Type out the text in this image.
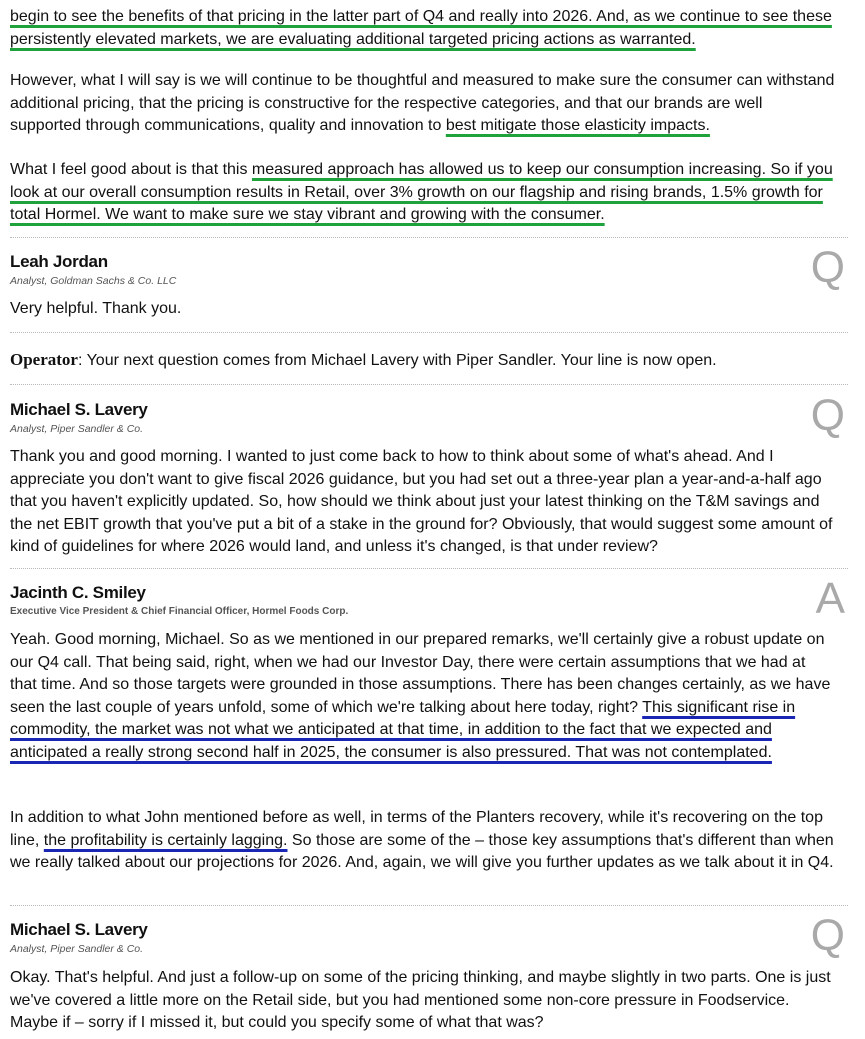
begin to see the benefits of that pricing in the latter part of Q4 and really into 2026. And, as we continue to see these persistently elevated markets, we are evaluating additional targeted pricing actions as warranted.

However, what I will say is we will continue to be thoughtful and measured to make sure the consumer can withstand additional pricing, that the pricing is constructive for the respective categories, and that our brands are well supported through communications, quality and innovation to best mitigate those elasticity impacts.

What I feel good about is that this measured approach has allowed us to keep our consumption increasing. So if you look at our overall consumption results in Retail, over 3% growth on our flagship and rising brands, 1.5% growth for total Hormel. We want to make sure we stay vibrant and growing with the consumer.

Leah Jordan
Analyst, Goldman Sachs & Co. LLC	Q

Very helpful. Thank you.

Operator: Your next question comes from Michael Lavery with Piper Sandler. Your line is now open.

Michael S. Lavery
Analyst, Piper Sandler & Co.	Q

Thank you and good morning. I wanted to just come back to how to think about some of what's ahead. And I appreciate you don't want to give fiscal 2026 guidance, but you had set out a three-year plan a year-and-a-half ago that you haven't explicitly updated. So, how should we think about just your latest thinking on the T&M savings and the net EBIT growth that you've put a bit of a stake in the ground for? Obviously, that would suggest some amount of kind of guidelines for where 2026 would land, and unless it's changed, is that under review?

Jacinth C. Smiley
Executive Vice President & Chief Financial Officer, Hormel Foods Corp.	A

Yeah. Good morning, Michael. So as we mentioned in our prepared remarks, we'll certainly give a robust update on our Q4 call. That being said, right, when we had our Investor Day, there were certain assumptions that we had at that time. And so those targets were grounded in those assumptions. There has been changes certainly, as we have seen the last couple of years unfold, some of which we're talking about here today, right? This significant rise in commodity, the market was not what we anticipated at that time, in addition to the fact that we expected and anticipated a really strong second half in 2025, the consumer is also pressured. That was not contemplated.

In addition to what John mentioned before as well, in terms of the Planters recovery, while it's recovering on the top line, the profitability is certainly lagging. So those are some of the – those key assumptions that's different than when we really talked about our projections for 2026. And, again, we will give you further updates as we talk about it in Q4.

Michael S. Lavery
Analyst, Piper Sandler & Co.	Q

Okay. That's helpful. And just a follow-up on some of the pricing thinking, and maybe slightly in two parts. One is just we've covered a little more on the Retail side, but you had mentioned some non-core pressure in Foodservice. Maybe if – sorry if I missed it, but could you specify some of what that was?
